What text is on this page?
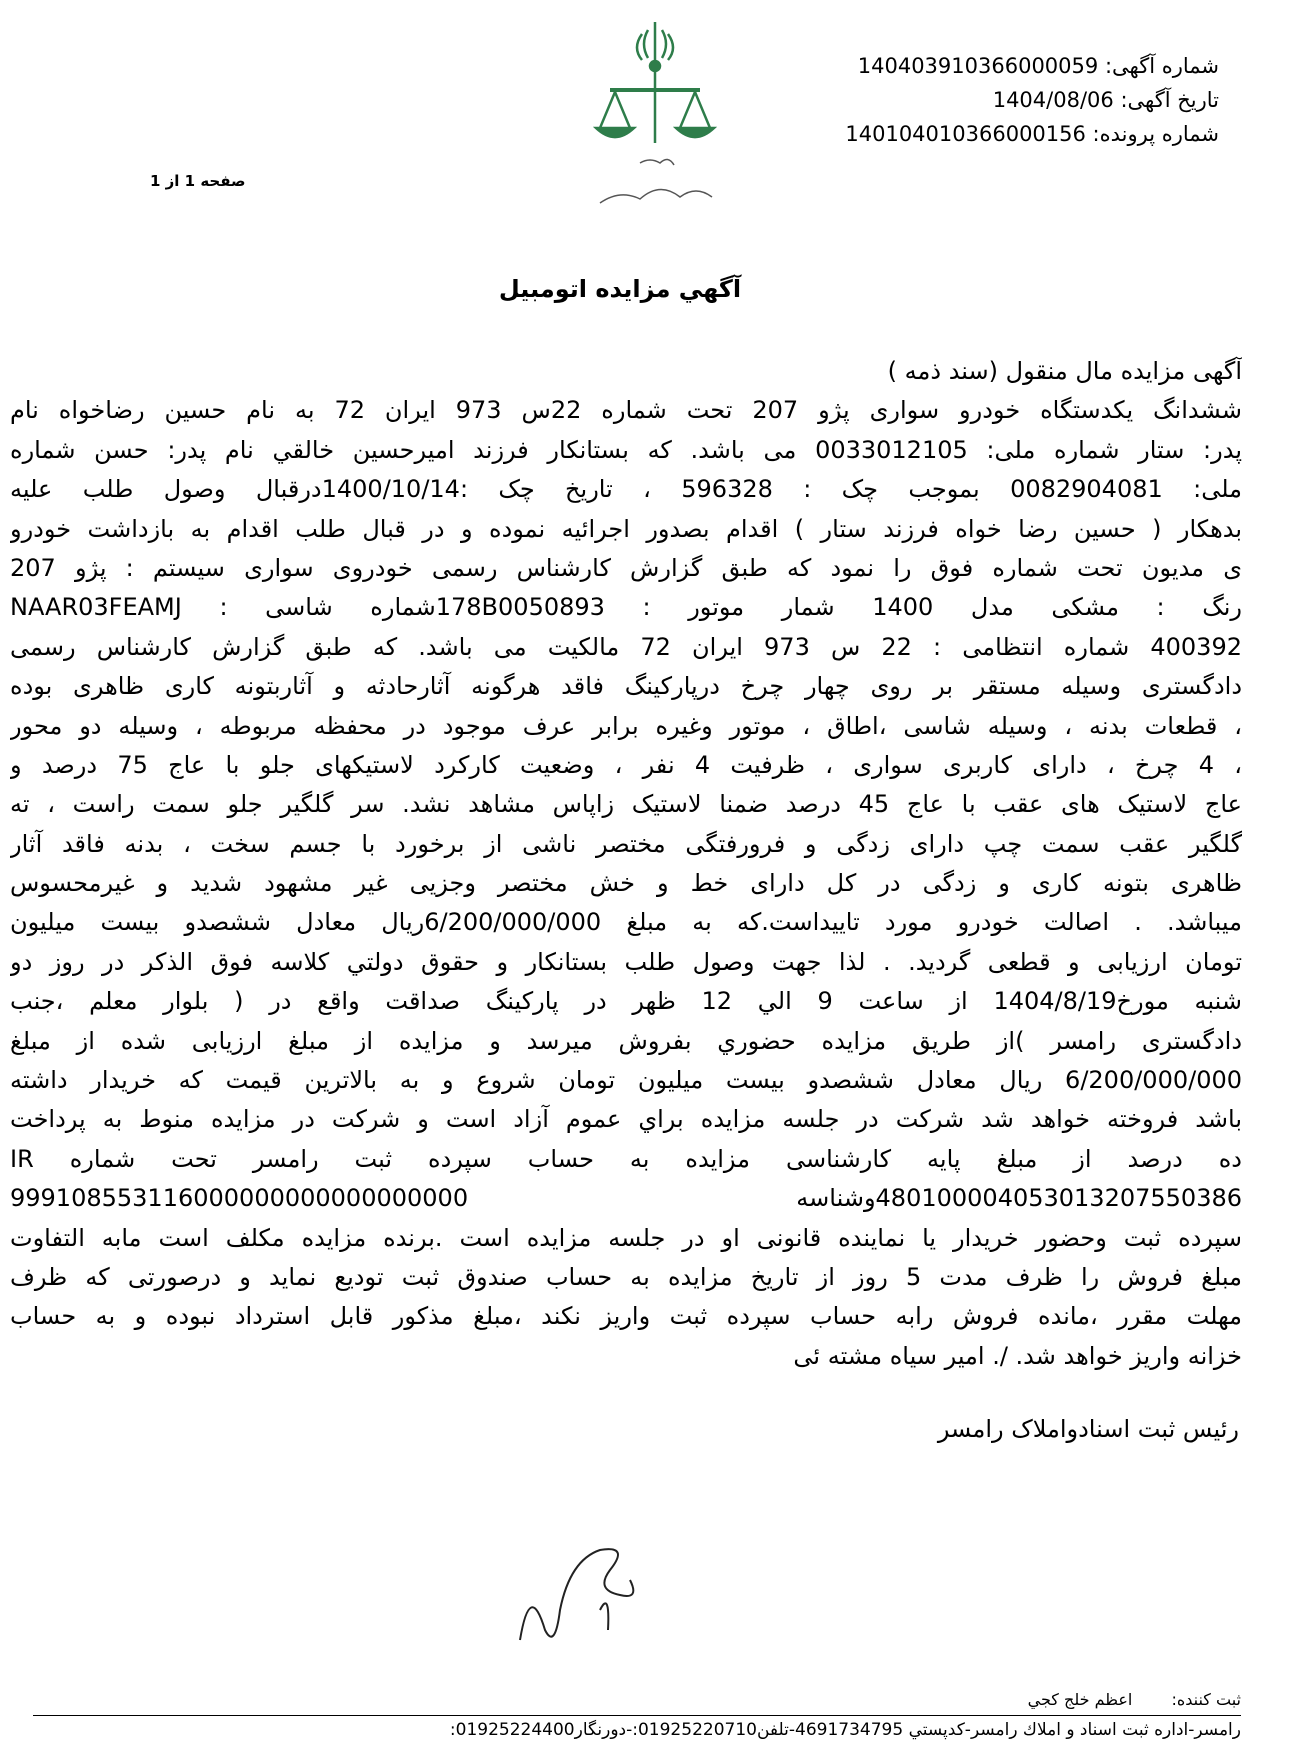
شماره آگهی: 140403910366000059
تاریخ آگهی: 1404/08/06
شماره پرونده: 14010401036600015 6
صفحه 1 از 1
آگهي مزايده اتومبيل
آگهی مزایده مال منقول (سند ذمه )
ششدانگ یکدستگاه خودرو سواری پژو 207 تحت شماره 22س 973 ایران 72 به نام حسین رضاخواه نام
پدر: ستار شماره ملی: 0033012105 می باشد. که بستانکار فرزند امیرحسین خالقي نام پدر: حسن شماره
ملی: 0082904081 بموجب چک : 596328 ، تاریخ چک :1400/10/14درقبال وصول طلب علیه
بدهکار ( حسین رضا خواه فرزند ستار ) اقدام بصدور اجرائیه نموده و در قبال طلب اقدام به بازداشت خودرو
ی مدیون تحت شماره فوق را نمود که طبق گزارش کارشناس رسمی خودروی سواری سیستم : پژو 207
رنگ : مشکی مدل 1400 شمار موتور : 178B0050893شماره شاسی : NAAR03FEAMJ
400392 شماره انتظامی : 22 س 973 ایران 72 مالکیت می باشد. که طبق گزارش کارشناس رسمی
دادگستری وسیله مستقر بر روی چهار چرخ درپارکینگ فاقد هرگونه آثارحادثه و آثاربتونه کاری ظاهری بوده
، قطعات بدنه ، وسیله شاسی ،اطاق ، موتور وغیره برابر عرف موجود در محفظه مربوطه ، وسیله دو محور
، 4 چرخ ، دارای کاربری سواری ، ظرفیت 4 نفر ، وضعیت کارکرد لاستیکهای جلو با عاج 75 درصد و
عاج لاستیک های عقب با عاج 45 درصد ضمنا لاستیک زاپاس مشاهد نشد. سر گلگیر جلو سمت راست ، ته
گلگیر عقب سمت چپ دارای زدگی و فرورفتگی مختصر ناشی از برخورد با جسم سخت ، بدنه فاقد آثار
ظاهری بتونه کاری و زدگی در کل دارای خط و خش مختصر وجزیی غیر مشهود شدید و غیرمحسوس
میباشد. . اصالت خودرو مورد تاییداست.که به مبلغ 6/200/000/000ریال معادل ششصدو بیست میلیون
تومان ارزیابی و قطعی گردید. . لذا جهت وصول طلب بستانکار و حقوق دولتي کلاسه فوق الذکر در روز دو
شنبه مورخ1404/8/19 از ساعت 9 الي 12 ظهر در پارکینگ صداقت واقع در ( بلوار معلم ،جنب
دادگستری رامسر )از طریق مزایده حضوري بفروش میرسد و مزایده از مبلغ ارزیابی شده از مبلغ
6/200/000/000 ریال معادل ششصدو بیست میلیون تومان شروع و به بالاترین قیمت که خریدار داشته
باشد فروخته خواهد شد شرکت در جلسه مزایده براي عموم آزاد است و شرکت در مزایده منوط به پرداخت
ده درصد از مبلغ پایه کارشناسی مزایده به حساب سپرده ثبت رامسر تحت شماره IR
999108553116000000000000000000	480100004053013207550386وشناسه
سپرده ثبت وحضور خریدار یا نماینده قانونی او در جلسه مزایده است .برنده مزایده مکلف است مابه التفاوت
مبلغ فروش را ظرف مدت 5 روز از تاریخ مزایده به حساب صندوق ثبت تودیع نماید و درصورتی که ظرف
مهلت مقرر ،مانده فروش رابه حساب سپرده ثبت واریز نکند ،مبلغ مذکور قابل استرداد نبوده و به حساب
خزانه واریز خواهد شد. /. امیر سیاه مشته ئی
رئیس ثبت اسنادواملاک رامسر
ثبت کننده: اعظم خلج کجي
رامسر-اداره ثبت اسناد و املاك رامسر-كدپستي 4691734795-تلفن01925220710:-دورنگار01925224400:
